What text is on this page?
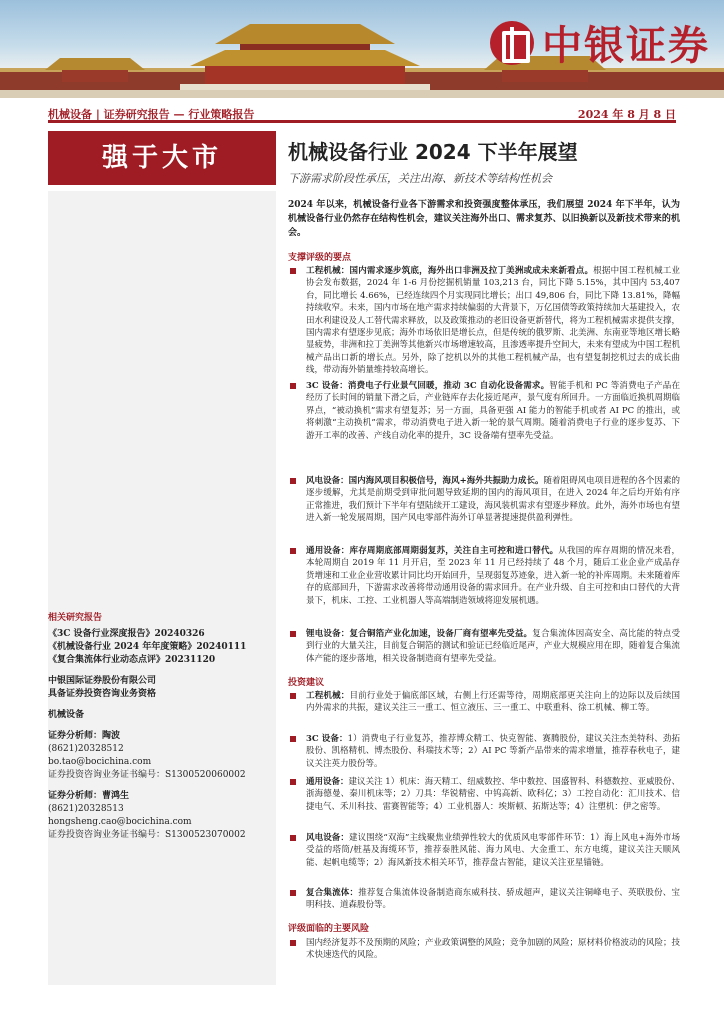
中银证券
机械设备 | 证券研究报告 — 行业策略报告	2024 年 8 月 8 日
强于大市
相关研究报告
《3C 设备行业深度报告》20240326
《机械设备行业 2024 年年度策略》20240111
《复合集流体行业动态点评》20231120
中银国际证券股份有限公司
具备证券投资咨询业务资格
机械设备
证券分析师：陶波
(8621)20328512
bo.tao@bocichina.com
证券投资咨询业务证书编号：S1300520060002
证券分析师：曹鸿生
(8621)20328513
hongsheng.cao@bocichina.com
证券投资咨询业务证书编号：S1300523070002
机械设备行业 2024 下半年展望
下游需求阶段性承压，关注出海、新技术等结构性机会
2024 年以来，机械设备行业各下游需求和投资强度整体承压，我们展望 2024 年下半年，认为机械设备行业仍然存在结构性机会，建议关注海外出口、需求复苏、以旧换新以及新技术带来的机会。
支撑评级的要点
工程机械：国内需求逐步筑底，海外出口非洲及拉丁美洲或成未来新看点。根据中国工程机械工业协会发布数据，2024 年 1-6 月份挖掘机销量 103,213 台，同比下降 5.15%，其中国内 53,407 台，同比增长 4.66%，已经连续四个月实现同比增长；出口 49,806 台，同比下降 13.81%，降幅持续收窄。未来，国内市场在地产需求持续偏弱的大背景下，万亿国债等政策持续加大基建投入，农田水利建设及人工替代需求释放，以及政策推动的老旧设备更新替代，将为工程机械需求提供支撑，国内需求有望逐步见底；海外市场依旧是增长点，但是传统的俄罗斯、北美洲、东南亚等地区增长略显疲势，非洲和拉丁美洲等其他新兴市场增速较高，且渗透率提升空间大，未来有望成为中国工程机械产品出口新的增长点。另外，除了挖机以外的其他工程机械产品，也有望复制挖机过去的成长曲线，带动海外销量维持较高增长。
3C 设备：消费电子行业景气回暖，推动 3C 自动化设备需求。智能手机和 PC 等消费电子产品在经历了长时间的销量下滑之后，产业链库存去化接近尾声，景气度有所回升。一方面临近换机周期临界点，“被动换机”需求有望复苏；另一方面，具备更强 AI 能力的智能手机或者 AI PC 的推出，或将刺激“主动换机”需求，带动消费电子进入新一轮的景气周期。随着消费电子行业的逐步复苏、下游开工率的改善、产线自动化率的提升，3C 设备端有望率先受益。
风电设备：国内海风项目积极信号，海风+海外共振助力成长。随着阻碍风电项目进程的各个因素的逐步缓解，尤其是前期受到审批问题导致延期的国内的海风项目，在进入 2024 年之后均开始有序正常推进，我们预计下半年有望陆续开工建设，海风装机需求有望逐步释放。此外，海外市场也有望进入新一轮发展周期，国产风电零部件海外订单显著提速提供盈利弹性。
通用设备：库存周期底部周期弱复苏，关注自主可控和进口替代。从我国的库存周期的情况来看，本轮周期自 2019 年 11 月开启，至 2023 年 11 月已经持续了 48 个月，随后工业企业产成品存货增速和工业企业营收累计同比均开始回升，呈现弱复苏迹象，进入新一轮的补库周期。未来随着库存的底部回升，下游需求改善将带动通用设备的需求回升。在产业升级、自主可控和由口替代的大背景下，机床、工控、工业机器人等高端制造领域将迎发展机遇。
锂电设备：复合铜箔产业化加速，设备厂商有望率先受益。复合集流体因高安全、高比能的特点受到行业的大量关注，目前复合铜箔的测试和验证已经临近尾声，产业大规模应用在即，随着复合集流体产能的逐步落地，相关设备制造商有望率先受益。
投资建议
工程机械：目前行业处于偏底部区域，右侧上行还需等待，周期底部更关注向上的边际以及后续国内外需求的共振，建议关注三一重工、恒立液压、三一重工、中联重科、徐工机械、柳工等。
3C 设备：1）消费电子行业复苏，推荐博众精工、快克智能、赛腾股份，建议关注杰美特科、劲拓股份、凯格精机、博杰股份、科瑞技术等；2）AI PC 等新产品带来的需求增量，推荐春秋电子，建议关注英力股份等。
通用设备：建议关注 1）机床：海天精工、纽威数控、华中数控、国盛智科、科德数控、亚威股份、浙海德曼、秦川机床等；2）刀具：华锐精密、中钨高新、欧科亿；3）工控自动化：汇川技术、信捷电气、禾川科技、雷赛智能等；4）工业机器人：埃斯顿、拓斯达等；4）注塑机：伊之密等。
风电设备：建议围绕“双海”主线聚焦业绩弹性较大的优质风电零部件环节：1）海上风电+海外市场受益的塔筒/桩基及海缆环节，推荐泰胜风能、海力风电、大金重工、东方电缆，建议关注天顺风能、起帆电缆等；2）海风新技术相关环节，推荐盘古智能，建议关注亚星锚链。
复合集流体：推荐复合集流体设备制造商东威科技、骄成超声，建议关注铜峰电子、英联股份、宝明科技、道森股份等。
评级面临的主要风险
国内经济复苏不及预期的风险；产业政策调整的风险；竞争加剧的风险；原材料价格波动的风险；技术快速迭代的风险。
